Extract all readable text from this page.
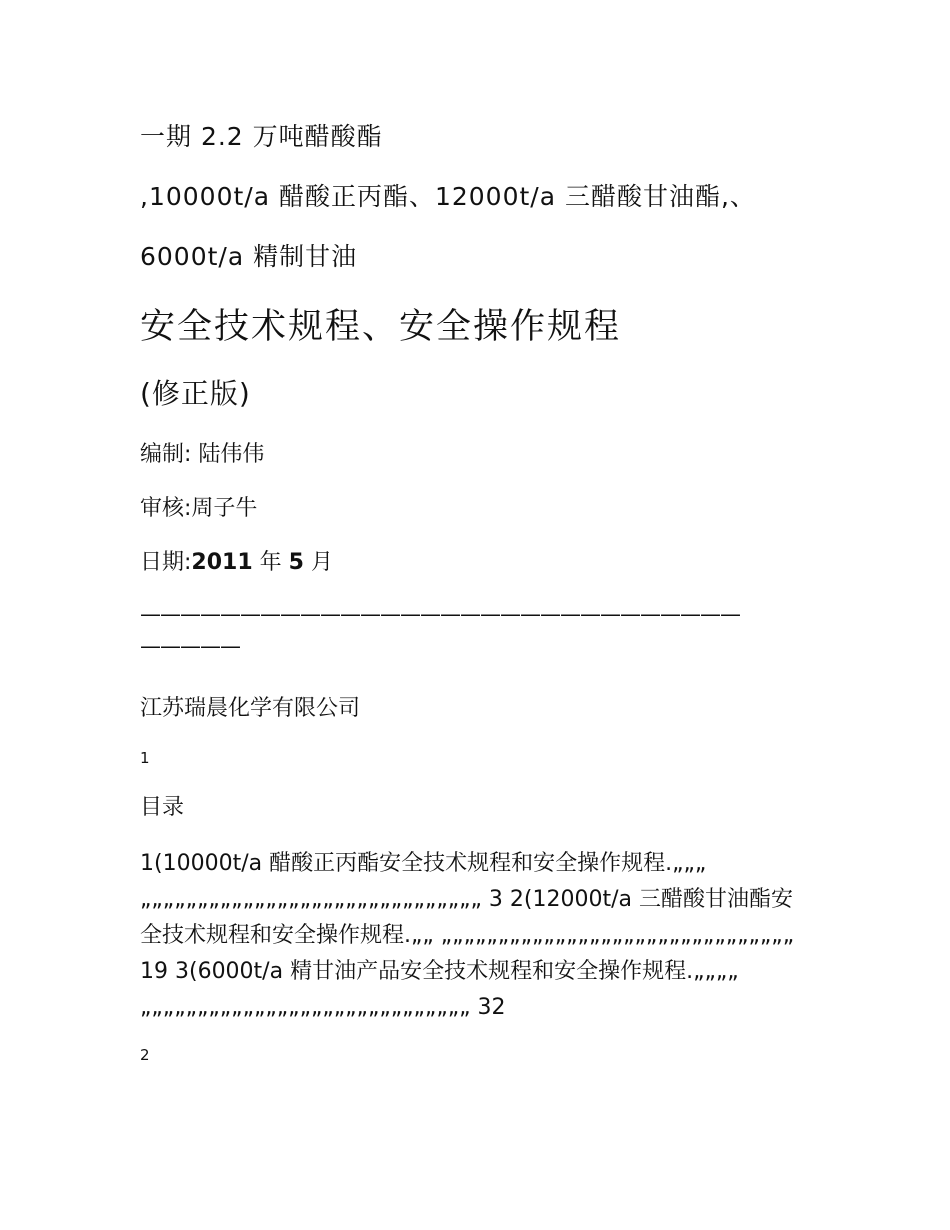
一期 2.2 万吨醋酸酯
,10000t/a 醋酸正丙酯、12000t/a 三醋酸甘油酯,、
6000t/a 精制甘油
安全技术规程、安全操作规程
(修正版)
编制: 陆伟伟
审核:周子牛
日期:2011 年 5 月
——————————————————————————————
—————
江苏瑞晨化学有限公司
1
目录
1(10000t/a 醋酸正丙酯安全技术规程和安全操作规程.„„„ „„„„„„„„„„„„„„„„„„„„„„„„„„„„„„ 3 2(12000t/a 三醋酸甘油酯安全技术规程和安全操作规程.„„ „„„„„„„„„„„„„„„„„„„„„„„„„„„„„„„ 19 3(6000t/a 精甘油产品安全技术规程和安全操作规程.„„„„ „„„„„„„„„„„„„„„„„„„„„„„„„„„„„ 32
2
